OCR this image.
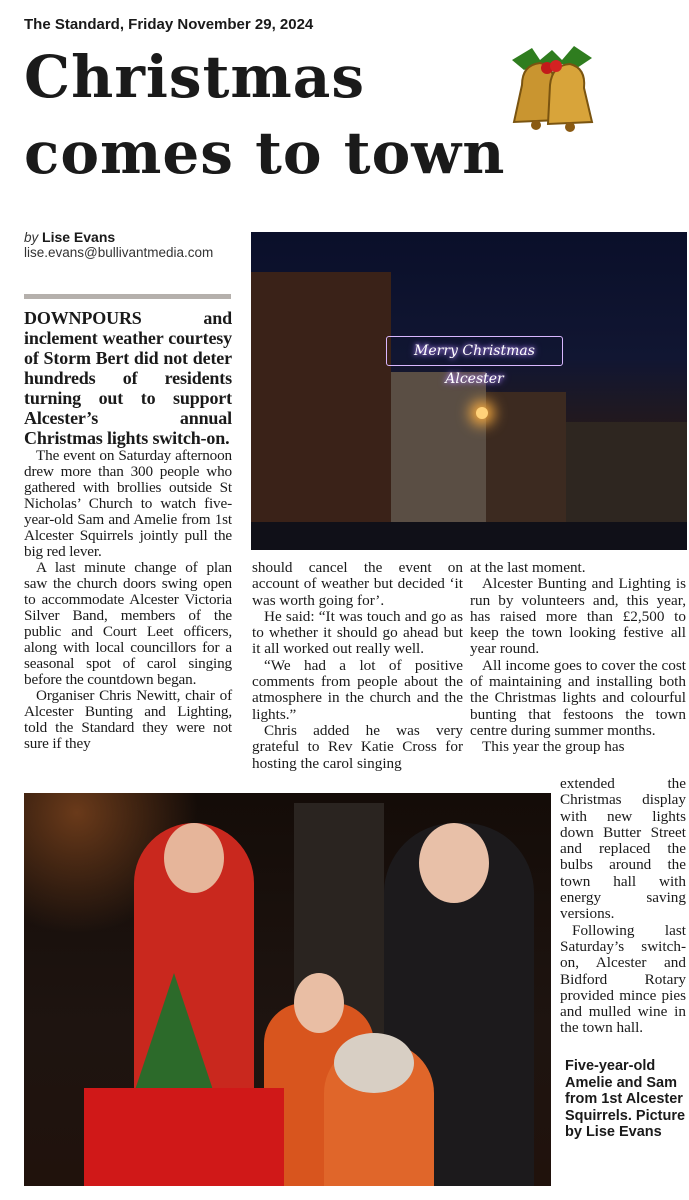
The Standard, Friday November 29, 2024
Christmas
comes to town
by Lise Evans
lise.evans@bullivantmedia.com

DOWNPOURS and inclement weather courtesy of Storm Bert did not deter hundreds of residents turning out to support Alcester’s annual Christmas lights switch-on.

The event on Saturday afternoon drew more than 300 people who gathered with brollies outside St Nicholas’ Church to watch five-year-old Sam and Amelie from 1st Alcester Squirrels jointly pull the big red lever.

A last minute change of plan saw the church doors swing open to accommodate Alcester Victoria Silver Band, members of the public and Court Leet officers, along with local councillors for a seasonal spot of carol singing before the countdown began.

Organiser Chris Newitt, chair of Alcester Bunting and Lighting, told the Standard they were not sure if they

Merry Christmas Alcester

should cancel the event on account of weather but decided ‘it was worth going for’.

He said: “It was touch and go as to whether it should go ahead but it all worked out really well.

“We had a lot of positive comments from people about the atmosphere in the church and the lights.”

Chris added he was very grateful to Rev Katie Cross for hosting the carol singing

at the last moment.

Alcester Bunting and Lighting is run by volunteers and, this year, has raised more than £2,500 to keep the town looking festive all year round.

All income goes to cover the cost of maintaining and installing both the Christmas lights and colourful bunting that festoons the town centre during summer months.

This year the group has

extended the Christmas display with new lights down Butter Street and replaced the bulbs around the town hall with energy saving versions.

Following last Saturday’s switch-on, Alcester and Bidford Rotary provided mince pies and mulled wine in the town hall.

Five-year-old Amelie and Sam from 1st Alcester Squirrels. Picture by Lise Evans
